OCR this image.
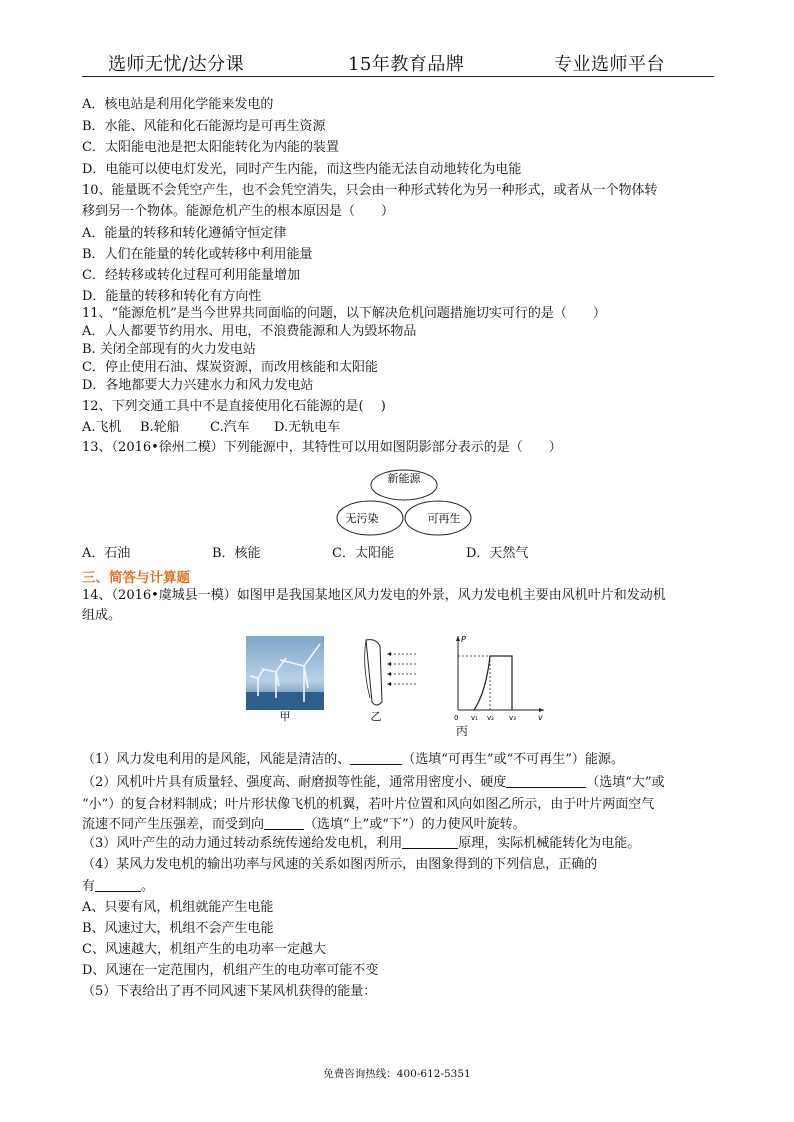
选师无忧/达分课	15年教育品牌	专业选师平台
A．核电站是利用化学能来发电的
B．水能、风能和化石能源均是可再生资源
C．太阳能电池是把太阳能转化为内能的装置
D．电能可以使电灯发光，同时产生内能，而这些内能无法自动地转化为电能
10、能量既不会凭空产生，也不会凭空消失，只会由一种形式转化为另一种形式，或者从一个物体转
移到另一个物体。能源危机产生的根本原因是（　　）
A．能量的转移和转化遵循守恒定律
B．人们在能量的转化或转移中利用能量
C．经转移或转化过程可利用能量增加
D．能量的转移和转化有方向性
11、“能源危机”是当今世界共同面临的问题，以下解决危机问题措施切实可行的是（　　）
A．人人都要节约用水、用电，不浪费能源和人为毁坏物品
B. 关闭全部现有的火力发电站
C．停止使用石油、煤炭资源，而改用核能和太阳能
D．各地都要大力兴建水力和风力发电站
12、下列交通工具中不是直接使用化石能源的是(　 )
A.飞机 B.轮船 C.汽车 D.无轨电车
13、（2016•徐州二模）下列能源中，其特性可以用如图阴影部分表示的是（　　）
新能源
无污染	可再生
A．石油	B．核能	C．太阳能	D．天然气
三、简答与计算题
14、（2016•虞城县一模）如图甲是我国某地区风力发电的外景，风力发电机主要由风机叶片和发动机
组成。
甲	乙
P
v
0 v₁ v₂ v₃
丙
（1）风力发电利用的是风能，风能是清洁的、	（选填“可再生”或“不可再生”）能源。
（2）风机叶片具有质量轻、强度高、耐磨损等性能，通常用密度小、硬度	（选填“大”或
“小”）的复合材料制成；叶片形状像飞机的机翼，若叶片位置和风向如图乙所示，由于叶片两面空气
流速不同产生压强差，而受到向	（选填“上”或“下”）的力使风叶旋转。
（3）风叶产生的动力通过转动系统传递给发电机，利用	原理，实际机械能转化为电能。
（4）某风力发电机的输出功率与风速的关系如图丙所示，由图象得到的下列信息，正确的
有	。
A、只要有风，机组就能产生电能
B、风速过大，机组不会产生电能
C、风速越大，机组产生的电功率一定越大
D、风速在一定范围内，机组产生的电功率可能不变
（5）下表给出了再不同风速下某风机获得的能量：
免费咨询热线：400-612-5351
